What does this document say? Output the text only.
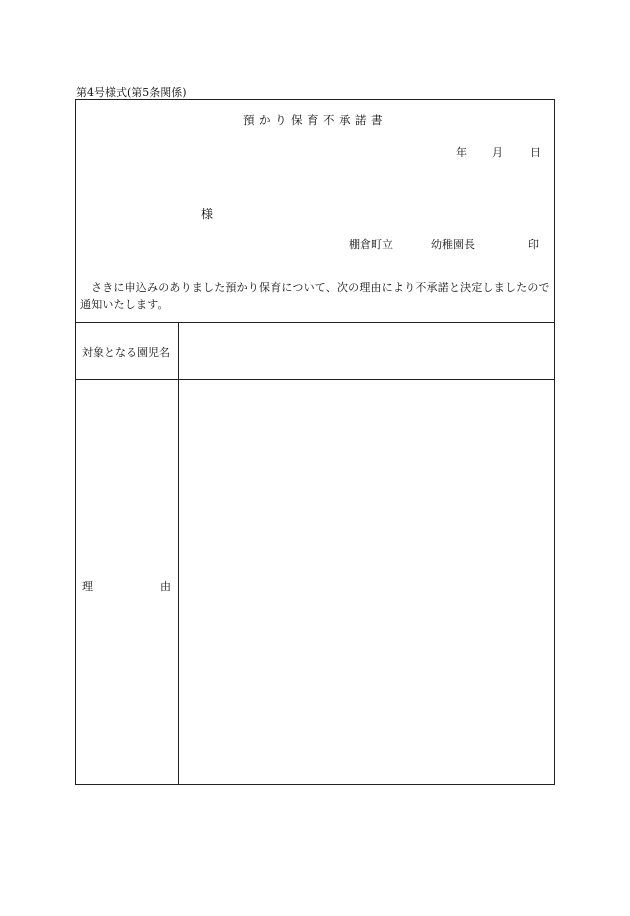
第4号様式(第5条関係)
預かり保育不承諾書
年 月 日
様
棚倉町立	幼稚園長	印
さきに申込みのありました預かり保育について、次の理由により不承諾と決定しましたので通知いたします。
対象となる園児名
理	由
